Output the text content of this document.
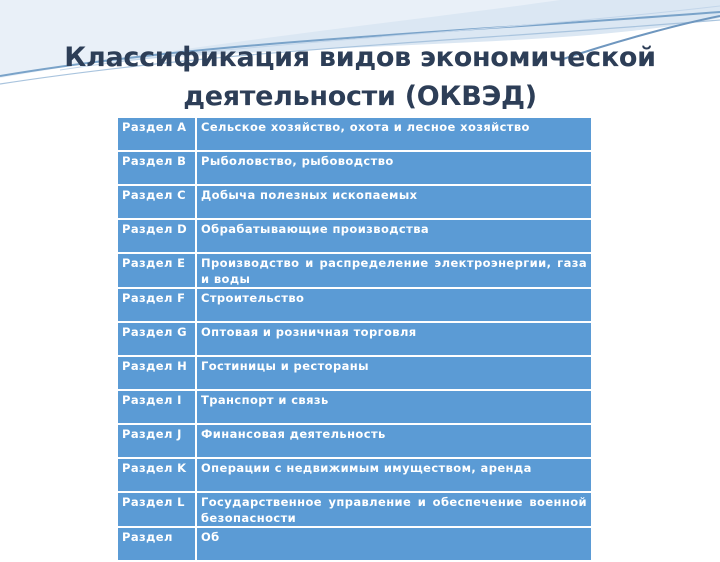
Классификация видов экономической
деятельности (ОКВЭД)
Раздел A	Сельское хозяйство, охота и лесное хозяйство
Раздел B	Рыболовство, рыбоводство
Раздел C	Добыча полезных ископаемых
Раздел D	Обрабатывающие производства
Раздел E	Производство и распределение электроэнергии, газа и воды
Раздел F	Строительство
Раздел G	Оптовая и розничная торговля
Раздел H	Гостиницы и рестораны
Раздел I	Транспорт и связь
Раздел J	Финансовая деятельность
Раздел K	Операции с недвижимым имуществом, аренда
Раздел L	Государственное управление и обеспечение военной безопасности
Раздел	Об
